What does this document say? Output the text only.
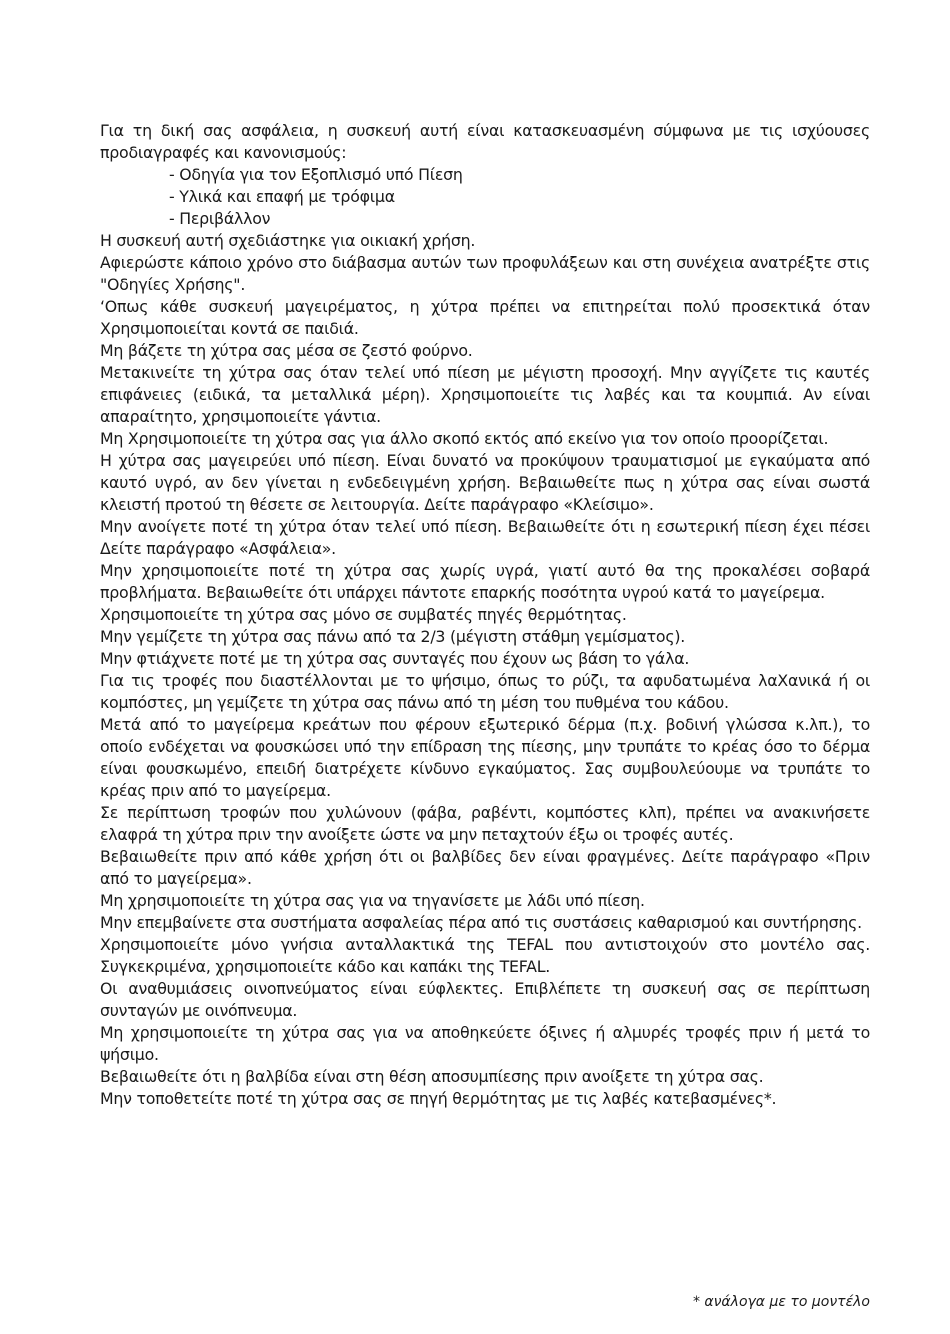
Για τη δική σας ασφάλεια, η συσκευή αυτή είναι κατασκευασμένη σύμφωνα με τις ισχύουσες προδιαγραφές και κανονισμούς:

- Οδηγία για τον Εξοπλισμό υπό Πίεση
- Υλικά και επαφή με τρόφιμα
- Περιβάλλον

Η συσκευή αυτή σχεδιάστηκε για οικιακή χρήση.

Αφιερώστε κάποιο χρόνο στο διάβασμα αυτών των προφυλάξεων και στη συνέχεια ανατρέξτε στις "Οδηγίες Χρήσης".

‘Οπως κάθε συσκευή μαγειρέματος, η χύτρα πρέπει να επιτηρείται πολύ προσεκτικά όταν Χρησιμοποιείται κοντά σε παιδιά.

Μη βάζετε τη χύτρα σας μέσα σε ζεστό φούρνο.

Μετακινείτε τη χύτρα σας όταν τελεί υπό πίεση με μέγιστη προσοχή. Μην αγγίζετε τις καυτές επιφάνειες (ειδικά, τα μεταλλικά μέρη). Χρησιμοποιείτε τις λαβές και τα κουμπιά. Αν είναι απαραίτητο, χρησιμοποιείτε γάντια.

Μη Χρησιμοποιείτε τη χύτρα σας για άλλο σκοπό εκτός από εκείνο για τον οποίο προορίζεται.

Η χύτρα σας μαγειρεύει υπό πίεση. Είναι δυνατό να προκύψουν τραυματισμοί με εγκαύματα από καυτό υγρό, αν δεν γίνεται η ενδεδειγμένη χρήση. Βεβαιωθείτε πως η χύτρα σας είναι σωστά κλειστή προτού τη θέσετε σε λειτουργία. Δείτε παράγραφο «Κλείσιμο».

Μην ανοίγετε ποτέ τη χύτρα όταν τελεί υπό πίεση. Βεβαιωθείτε ότι η εσωτερική πίεση έχει πέσει Δείτε παράγραφο «Ασφάλεια».

Μην χρησιμοποιείτε ποτέ τη χύτρα σας χωρίς υγρά, γιατί αυτό θα της προκαλέσει σοβαρά προβλήματα. Βεβαιωθείτε ότι υπάρχει πάντοτε επαρκής ποσότητα υγρού κατά το μαγείρεμα.

Χρησιμοποιείτε τη χύτρα σας μόνο σε συμβατές πηγές θερμότητας.

Μην γεμίζετε τη χύτρα σας πάνω από τα 2/3 (μέγιστη στάθμη γεμίσματος).

Μην φτιάχνετε ποτέ με τη χύτρα σας συνταγές που έχουν ως βάση το γάλα.

Για τις τροφές που διαστέλλονται με το ψήσιμο, όπως το ρύζι, τα αφυδατωμένα λαΧανικά ή οι κομπόστες, μη γεμίζετε τη χύτρα σας πάνω από τη μέση του πυθμένα του κάδου.

Μετά από το μαγείρεμα κρεάτων που φέρουν εξωτερικό δέρμα (π.χ. βοδινή γλώσσα κ.λπ.), το οποίο ενδέχεται να φουσκώσει υπό την επίδραση της πίεσης, μην τρυπάτε το κρέας όσο το δέρμα είναι φουσκωμένο, επειδή διατρέχετε κίνδυνο εγκαύματος. Σας συμβουλεύουμε να τρυπάτε το κρέας πριν από το μαγείρεμα.

Σε περίπτωση τροφών που χυλώνουν (φάβα, ραβέντι, κομπόστες κλπ), πρέπει να ανακινήσετε ελαφρά τη χύτρα πριν την ανοίξετε ώστε να μην πεταχτούν έξω οι τροφές αυτές.

Βεβαιωθείτε πριν από κάθε χρήση ότι οι βαλβίδες δεν είναι φραγμένες. Δείτε παράγραφο «Πριν από το μαγείρεμα».

Μη χρησιμοποιείτε τη χύτρα σας για να τηγανίσετε με λάδι υπό πίεση.

Μην επεμβαίνετε στα συστήματα ασφαλείας πέρα από τις συστάσεις καθαρισμού και συντήρησης.

Χρησιμοποιείτε μόνο γνήσια ανταλλακτικά της TEFAL που αντιστοιχούν στο μοντέλο σας. Συγκεκριμένα, χρησιμοποιείτε κάδο και καπάκι της TEFAL.

Οι αναθυμιάσεις οινοπνεύματος είναι εύφλεκτες. Επιβλέπετε τη συσκευή σας σε περίπτωση συνταγών με οινόπνευμα.

Μη χρησιμοποιείτε τη χύτρα σας για να αποθηκεύετε όξινες ή αλμυρές τροφές πριν ή μετά το ψήσιμο.

Βεβαιωθείτε ότι η βαλβίδα είναι στη θέση αποσυμπίεσης πριν ανοίξετε τη χύτρα σας.

Μην τοποθετείτε ποτέ τη χύτρα σας σε πηγή θερμότητας με τις λαβές κατεβασμένες*.

* ανάλογα με το μοντέλο
